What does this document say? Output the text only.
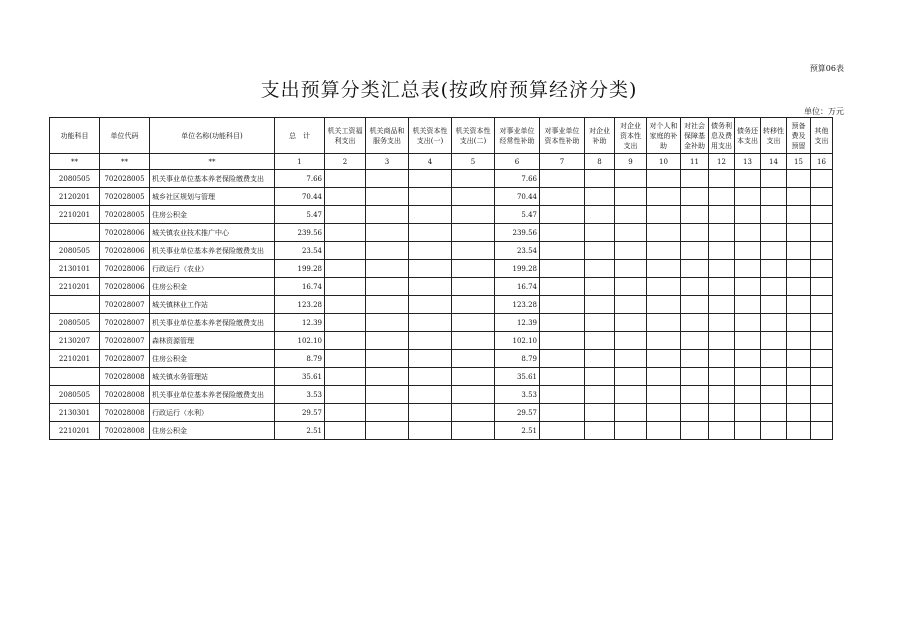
预算06表
支出预算分类汇总表(按政府预算经济分类)
单位：万元
功能科目	单位代码	单位名称(功能科目)	总　计	机关工资福利支出	机关商品和服务支出	机关资本性支出(一)	机关资本性支出(二)	对事业单位经常性补助	对事业单位资本性补助	对企业补助	对企业资本性支出	对个人和家庭的补助	对社会保障基金补助	债务利息及费用支出	债务还本支出	转移性支出	预备费及预留	其他支出
**	**	**	1	2	3	4	5	6	7	8	9	10	11	12	13	14	15	16
2080505	702028005	机关事业单位基本养老保险缴费支出	7.66					7.66										
2120201	702028005	城乡社区规划与管理	70.44					70.44										
2210201	702028005	住房公积金	5.47					5.47										
	702028006	城关镇农业技术推广中心	239.56					239.56										
2080505	702028006	机关事业单位基本养老保险缴费支出	23.54					23.54										
2130101	702028006	行政运行（农业）	199.28					199.28										
2210201	702028006	住房公积金	16.74					16.74										
	702028007	城关镇林业工作站	123.28					123.28										
2080505	702028007	机关事业单位基本养老保险缴费支出	12.39					12.39										
2130207	702028007	森林资源管理	102.10					102.10										
2210201	702028007	住房公积金	8.79					8.79										
	702028008	城关镇水务管理站	35.61					35.61										
2080505	702028008	机关事业单位基本养老保险缴费支出	3.53					3.53										
2130301	702028008	行政运行（水利）	29.57					29.57										
2210201	702028008	住房公积金	2.51					2.51										
